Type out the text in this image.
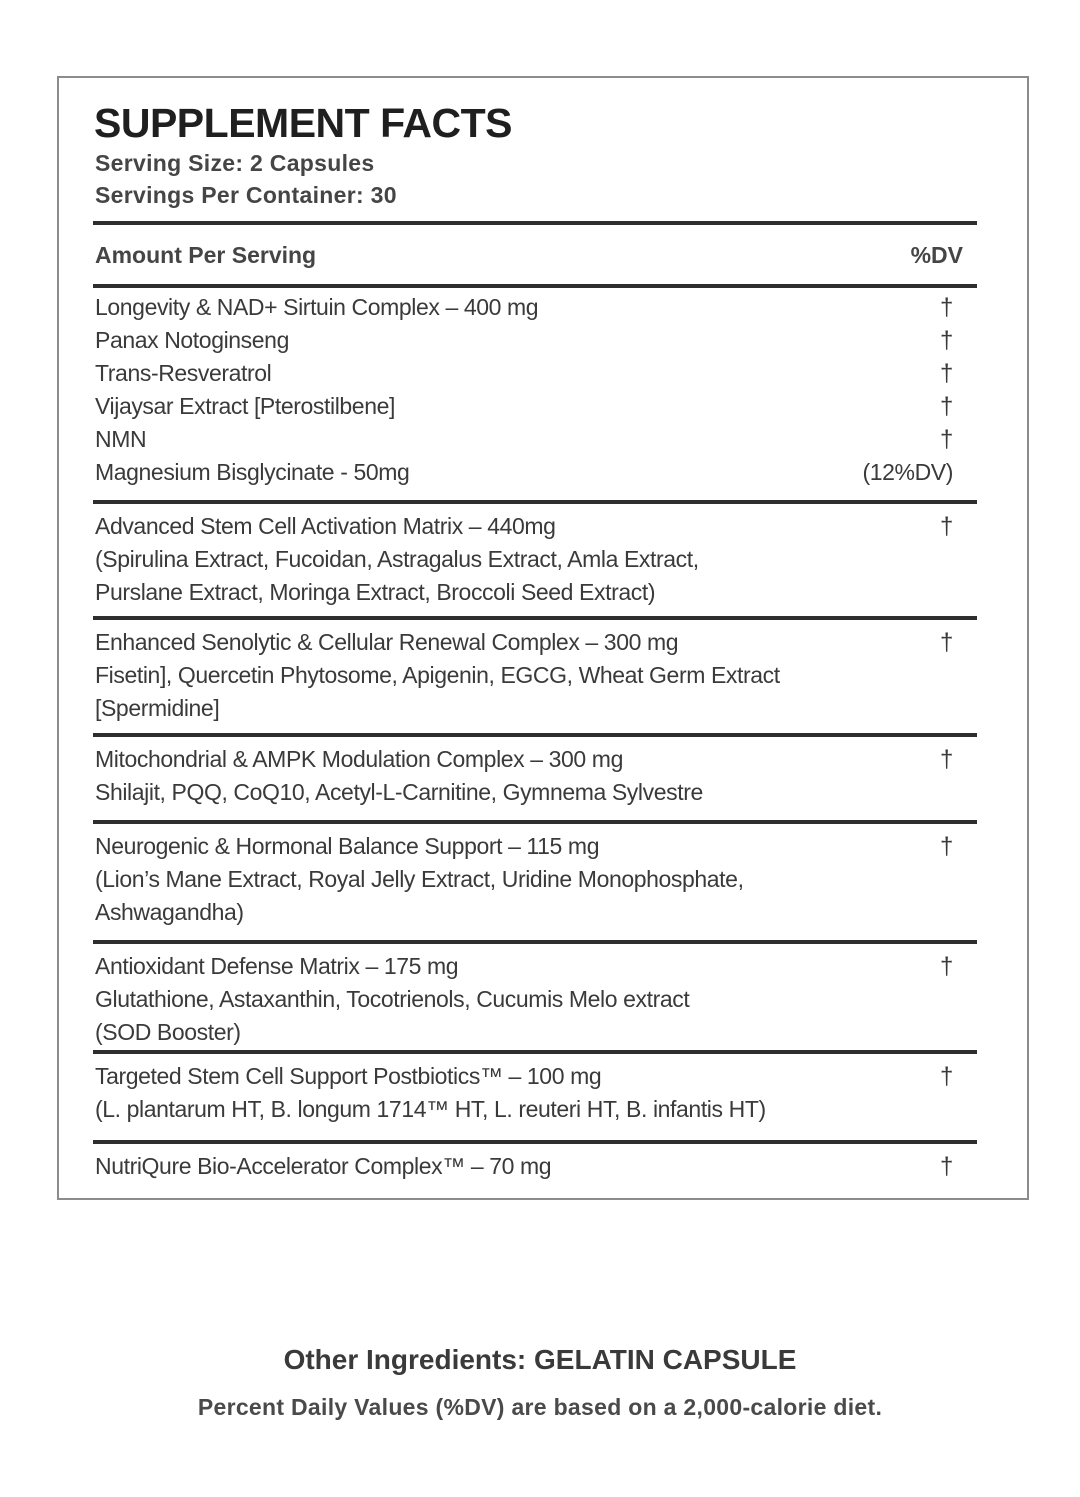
SUPPLEMENT FACTS
Serving Size: 2 Capsules
Servings Per Container: 30
Amount Per Serving	%DV
Longevity & NAD+ Sirtuin Complex – 400 mg	†
Panax Notoginseng	†
Trans-Resveratrol	†
Vijaysar Extract [Pterostilbene]	†
NMN	†
Magnesium Bisglycinate - 50mg	(12%DV)
Advanced Stem Cell Activation Matrix – 440mg	†
(Spirulina Extract, Fucoidan, Astragalus Extract, Amla Extract,
Purslane Extract, Moringa Extract, Broccoli Seed Extract)
Enhanced Senolytic & Cellular Renewal Complex – 300 mg	†
Fisetin], Quercetin Phytosome, Apigenin, EGCG, Wheat Germ Extract
[Spermidine]
Mitochondrial & AMPK Modulation Complex – 300 mg	†
Shilajit, PQQ, CoQ10, Acetyl-L-Carnitine, Gymnema Sylvestre
Neurogenic & Hormonal Balance Support – 115 mg	†
(Lion’s Mane Extract, Royal Jelly Extract, Uridine Monophosphate,
Ashwagandha)
Antioxidant Defense Matrix – 175 mg	†
Glutathione, Astaxanthin, Tocotrienols, Cucumis Melo extract
(SOD Booster)
Targeted Stem Cell Support Postbiotics™ – 100 mg	†
(L. plantarum HT, B. longum 1714™ HT, L. reuteri HT, B. infantis HT)
NutriQure Bio-Accelerator Complex™ – 70 mg	†
Other Ingredients: GELATIN CAPSULE
Percent Daily Values (%DV) are based on a 2,000-calorie diet.
